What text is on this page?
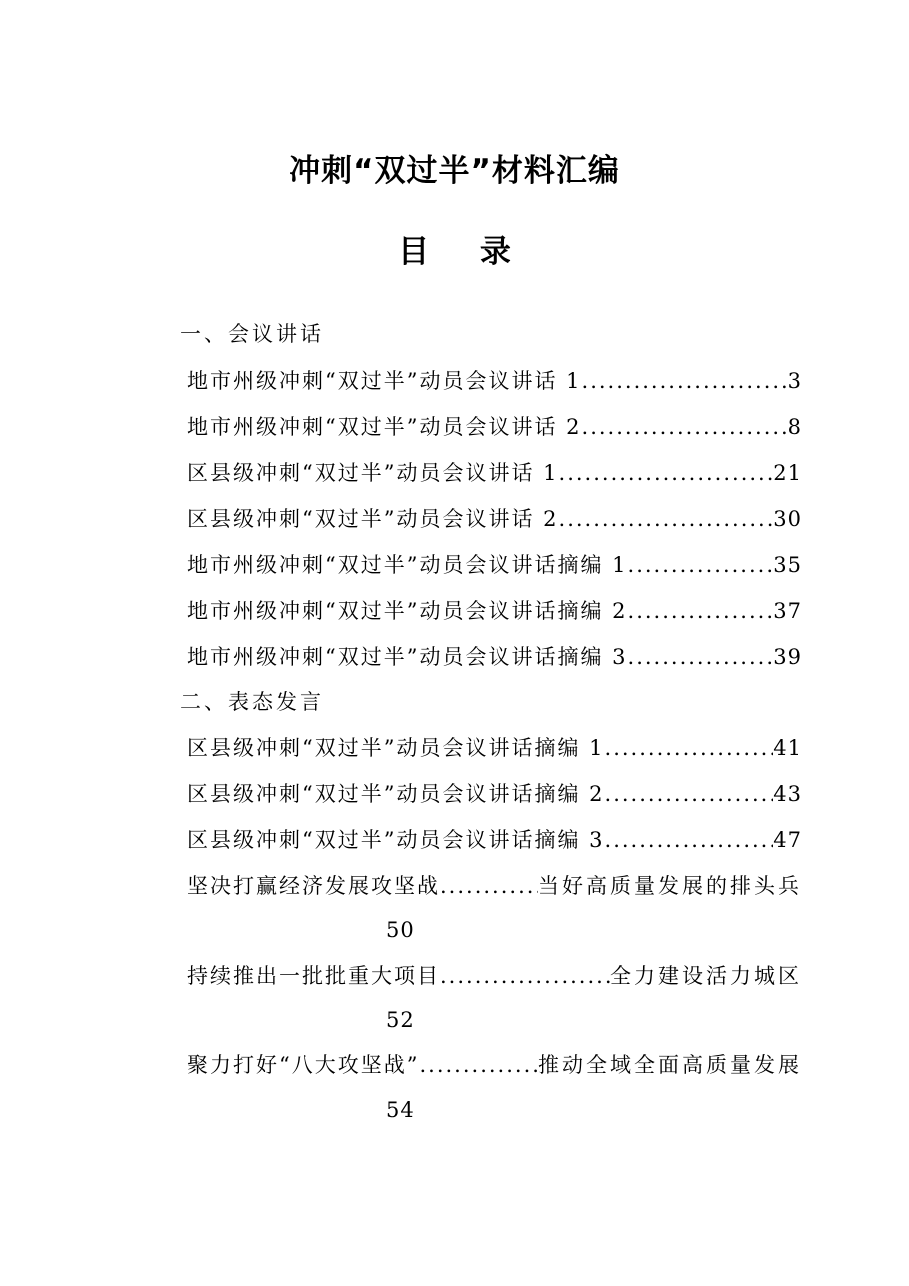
冲刺“双过半”材料汇编
目 录
一、会议讲话
地市州级冲刺“双过半”动员会议讲话 1 .....	3
地市州级冲刺“双过半”动员会议讲话 2 .....	8
区县级冲刺“双过半”动员会议讲话 1 .....	21
区县级冲刺“双过半”动员会议讲话 2 .....	30
地市州级冲刺“双过半”动员会议讲话摘编 1 .....	35
地市州级冲刺“双过半”动员会议讲话摘编 2 .....	37
地市州级冲刺“双过半”动员会议讲话摘编 3 .....	39
二、表态发言
区县级冲刺“双过半”动员会议讲话摘编 1 .....	41
区县级冲刺“双过半”动员会议讲话摘编 2 .....	43
区县级冲刺“双过半”动员会议讲话摘编 3 .....	47
坚决打赢经济发展攻坚战 .....	当好高质量发展的排头兵
50
持续推出一批批重大项目 .....	全力建设活力城区
52
聚力打好“八大攻坚战” .....	推动全域全面高质量发展
54
